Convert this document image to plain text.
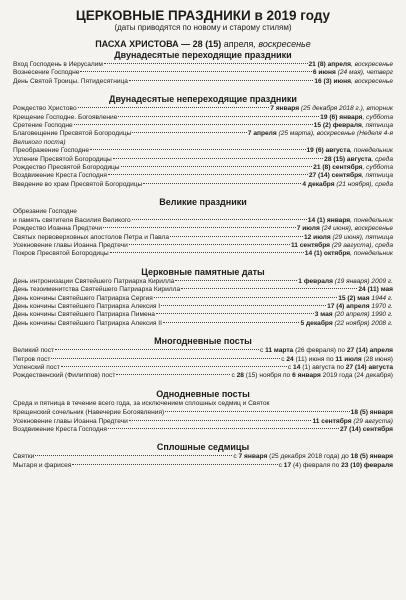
ЦЕРКОВНЫЕ ПРАЗДНИКИ в 2019 году
(даты приводятся по новому и старому стилям)
ПАСХА ХРИСТОВА — 28 (15) апреля, воскресенье
Двунадесятые переходящие праздники
Вход Господень в Иерусалим	21 (8) апреля, воскресенье
Вознесение Господне	6 июня (24 мая), четверг
День Святой Троицы. Пятидесятница	16 (3) июня, воскресенье
Двунадесятые непереходящие праздники
Рождество Христово	7 января (25 декабря 2018 г.), вторник
Крещение Господне. Богоявление	19 (6) января, суббота
Сретение Господне	15 (2) февраля, пятница
Благовещение Пресвятой Богородицы	7 апреля (25 марта), воскресенье (Неделя 4-я
Великого поста)
Преображение Господне	19 (6) августа, понедельник
Успение Пресвятой Богородицы	28 (15) августа, среда
Рождество Пресвятой Богородицы	21 (8) сентября, суббота
Воздвижение Креста Господня	27 (14) сентября, пятница
Введение во храм Пресвятой Богородицы	4 декабря (21 ноября), среда
Великие праздники
Обрезание Господне
и память святителя Василия Великого	14 (1) января, понедельник
Рождество Иоанна Предтечи	7 июля (24 июня), воскресенье
Святых первоверховных апостолов Петра и Павла	12 июля (29 июня), пятница
Усекновение главы Иоанна Предтечи	11 сентября (29 августа), среда
Покров Пресвятой Богородицы	14 (1) октября, понедельник
Церковные памятные даты
День интронизации Святейшего Патриарха Кирилла	1 февраля (19 января) 2009 г.
День тезоименитства Святейшего Патриарха Кирилла	24 (11) мая
День кончины Святейшего Патриарха Сергия	15 (2) мая 1944 г.
День кончины Святейшего Патриарха Алексия I	17 (4) апреля 1970 г.
День кончины Святейшего Патриарха Пимена	3 мая (20 апреля) 1990 г.
День кончины Святейшего Патриарха Алексия II	5 декабря (22 ноября) 2008 г.
Многодневные посты
Великий пост	с 11 марта (26 февраля) по 27 (14) апреля
Петров пост	с 24 (11) июня по 11 июля (28 июня)
Успенский пост	с 14 (1) августа по 27 (14) августа
Рождественский (Филиппов) пост	с 28 (15) ноября по 6 января 2019 года (24 декабря)
Однодневные посты
Среда и пятница в течение всего года, за исключением сплошных седмиц и Святок
Крещенский сочельник (Навечерие Богоявления)	18 (5) января
Усекновение главы Иоанна Предтечи	11 сентября (29 августа)
Воздвижение Креста Господня	27 (14) сентября
Сплошные седмицы
Святки	с 7 января (25 декабря 2018 года) до 18 (5) января
Мытаря и фарисея	с 17 (4) февраля по 23 (10) февраля
